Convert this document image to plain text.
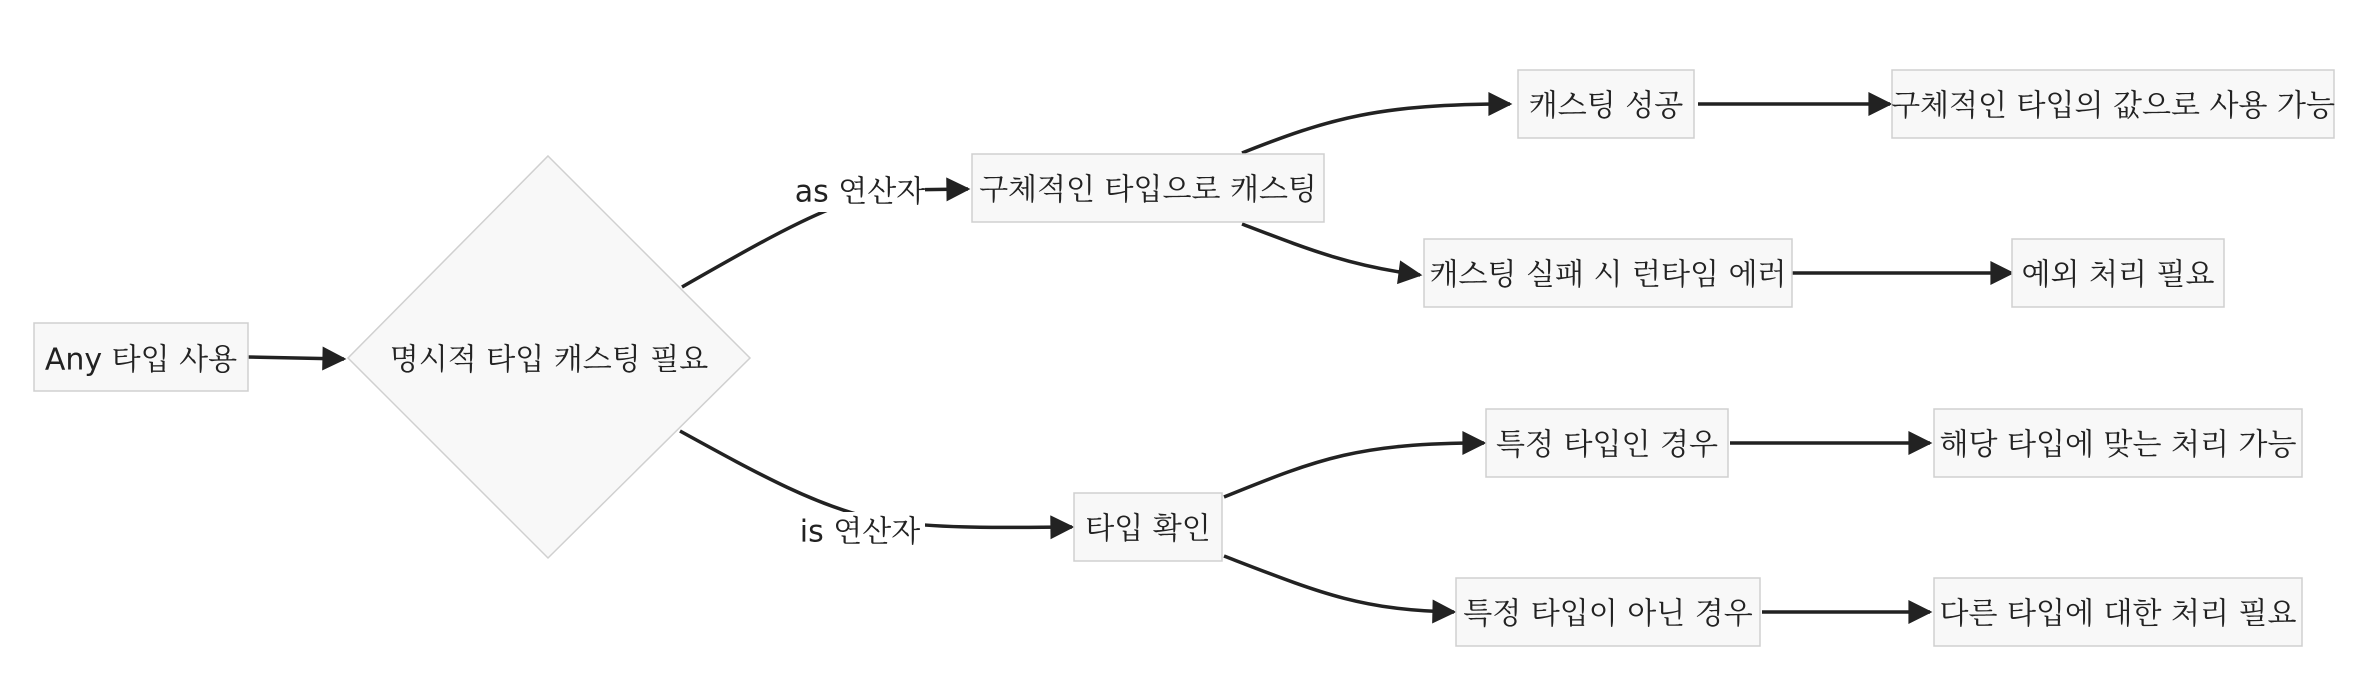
as 연산자
is 연산자
Any 타입 사용	명시적 타입 캐스팅 필요
구체적인 타입으로 캐스팅
캐스팅 성공	구체적인 타입의 값으로 사용 가능
캐스팅 실패 시 런타임 에러	예외 처리 필요
타입 확인
특정 타입인 경우	해당 타입에 맞는 처리 가능
특정 타입이 아닌 경우	다른 타입에 대한 처리 필요
